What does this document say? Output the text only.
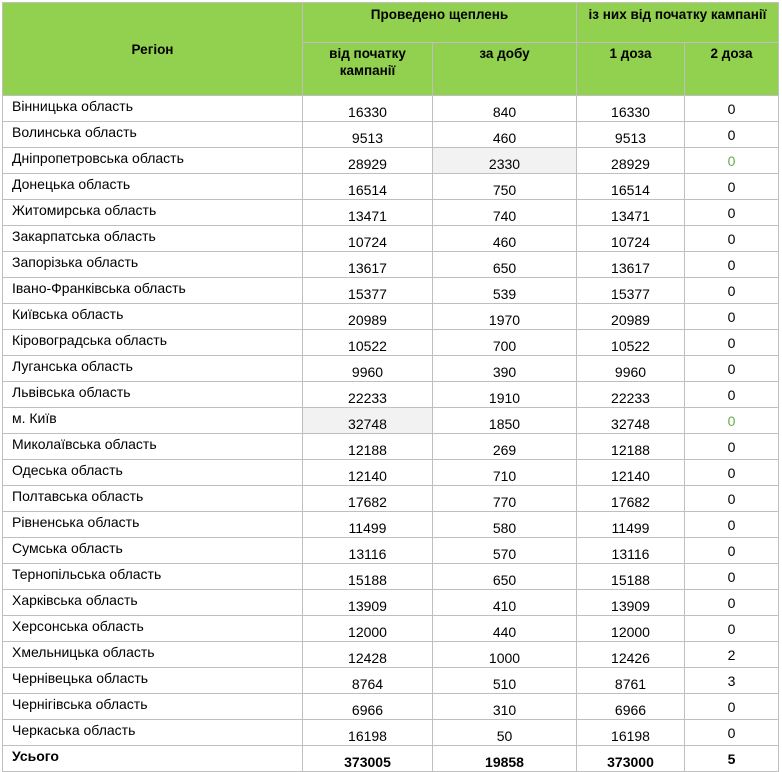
Регіон	Проведено щеплень		із них від початку кампанії	
	від початку кампанії	за добу	1 доза	2 доза
Вінницька область	16330	840	16330	0
Волинська область	9513	460	9513	0
Дніпропетровська область	28929	2330	28929	0
Донецька область	16514	750	16514	0
Житомирська область	13471	740	13471	0
Закарпатська область	10724	460	10724	0
Запорізька область	13617	650	13617	0
Івано-Франківська область	15377	539	15377	0
Київська область	20989	1970	20989	0
Кіровоградська область	10522	700	10522	0
Луганська область	9960	390	9960	0
Львівська область	22233	1910	22233	0
м. Київ	32748	1850	32748	0
Миколаївська область	12188	269	12188	0
Одеська область	12140	710	12140	0
Полтавська область	17682	770	17682	0
Рівненська область	11499	580	11499	0
Сумська область	13116	570	13116	0
Тернопільська область	15188	650	15188	0
Харківська область	13909	410	13909	0
Херсонська область	12000	440	12000	0
Хмельницька область	12428	1000	12426	2
Чернівецька область	8764	510	8761	3
Чернігівська область	6966	310	6966	0
Черкаська область	16198	50	16198	0
Усього	373005	19858	373000	5
